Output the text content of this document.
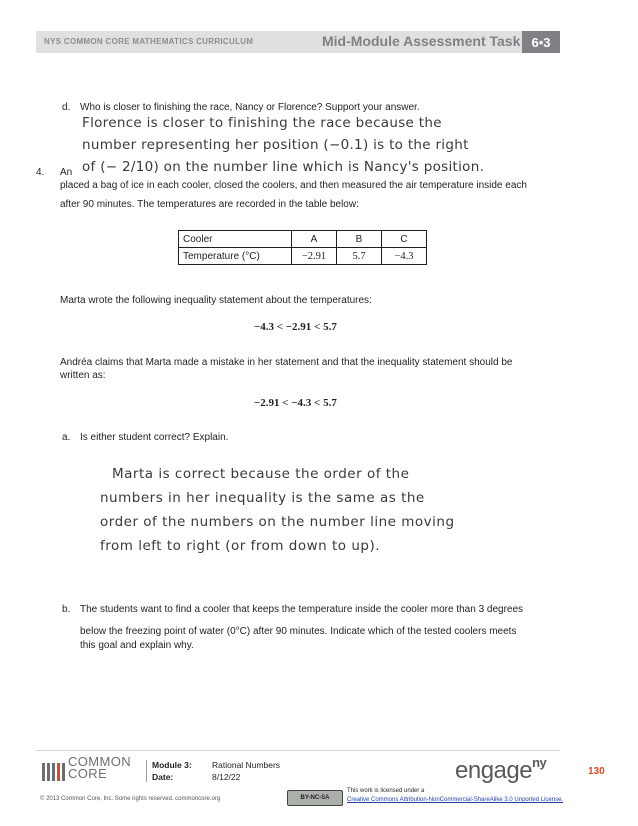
NYS COMMON CORE MATHEMATICS CURRICULUM	Mid-Module Assessment Task 6•3
d. Who is closer to finishing the race, Nancy or Florence? Support your answer.
Florence is closer to finishing the race because the
number representing her position (−0.1) is to the right
of (− 2/10) on the number line which is Nancy's position.
4. An
placed a bag of ice in each cooler, closed the coolers, and then measured the air temperature inside each
after 90 minutes. The temperatures are recorded in the table below:
Cooler	A	B	C
Temperature (°C)	−2.91	5.7	−4.3
Marta wrote the following inequality statement about the temperatures:
−4.3 < −2.91 < 5.7
Andréa claims that Marta made a mistake in her statement and that the inequality statement should be
written as:
−2.91 < −4.3 < 5.7
a. Is either student correct? Explain.
Marta is correct because the order of the
numbers in her inequality is the same as the
order of the numbers on the number line moving
from left to right (or from down to up).
b. The students want to find a cooler that keeps the temperature inside the cooler more than 3 degrees
below the freezing point of water (0°C) after 90 minutes. Indicate which of the tested coolers meets
this goal and explain why.
COMMON
CORE
Module 3: Rational Numbers
Date:	8/12/22	engage$^{ny}$
130
© 2013 Common Core, Inc. Some rights reserved. commoncore.org	BY-NC-SA
This work is licensed under a
Creative Commons Attribution-NonCommercial-ShareAlike 3.0 Unported License.
